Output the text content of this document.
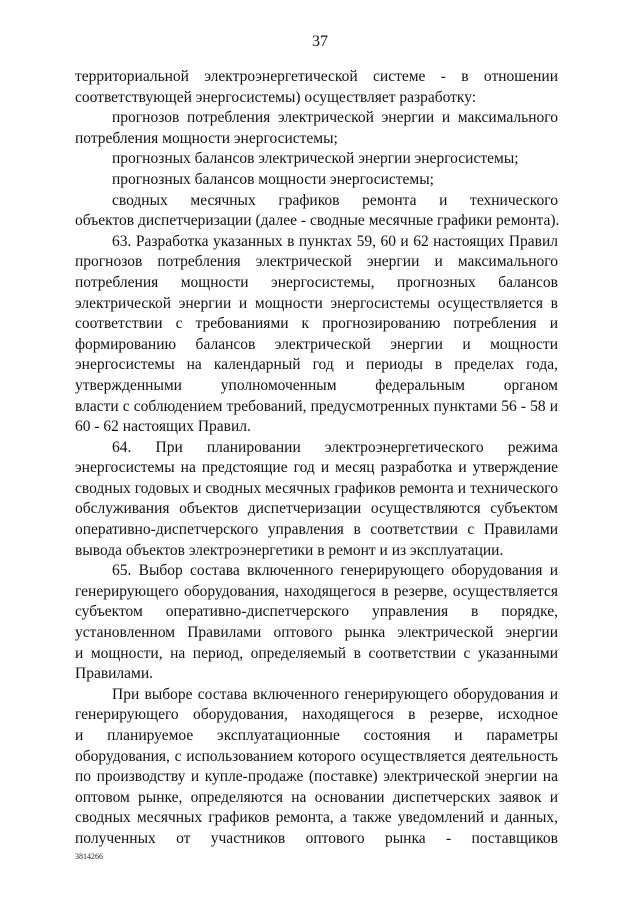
37
территориальной электроэнергетической системе - в отношении
соответствующей энергосистемы) осуществляет разработку:
прогнозов потребления электрической энергии и максимального
потребления мощности энергосистемы;
прогнозных балансов электрической энергии энергосистемы;
прогнозных балансов мощности энергосистемы;
сводных месячных графиков ремонта и технического
объектов диспетчеризации (далее - сводные месячные графики ремонта).
63. Разработка указанных в пунктах 59, 60 и 62 настоящих Правил
прогнозов потребления электрической энергии и максимального
потребления мощности энергосистемы, прогнозных балансов
электрической энергии и мощности энергосистемы осуществляется в
соответствии с требованиями к прогнозированию потребления и
формированию балансов электрической энергии и мощности
энергосистемы на календарный год и периоды в пределах года,
утвержденными уполномоченным федеральным органом
власти с соблюдением требований, предусмотренных пунктами 56 - 58 и
60 - 62 настоящих Правил.
64. При планировании электроэнергетического режима
энергосистемы на предстоящие год и месяц разработка и утверждение
сводных годовых и сводных месячных графиков ремонта и технического
обслуживания объектов диспетчеризации осуществляются субъектом
оперативно-диспетчерского управления в соответствии с Правилами
вывода объектов электроэнергетики в ремонт и из эксплуатации.
65. Выбор состава включенного генерирующего оборудования и
генерирующего оборудования, находящегося в резерве, осуществляется
субъектом оперативно-диспетчерского управления в порядке,
установленном Правилами оптового рынка электрической энергии
и мощности, на период, определяемый в соответствии с указанными
Правилами.
При выборе состава включенного генерирующего оборудования и
генерирующего оборудования, находящегося в резерве, исходное
и планируемое эксплуатационные состояния и параметры
оборудования, с использованием которого осуществляется деятельность
по производству и купле-продаже (поставке) электрической энергии на
оптовом рынке, определяются на основании диспетчерских заявок и
сводных месячных графиков ремонта, а также уведомлений и данных,
полученных от участников оптового рынка - поставщиков
3814266
